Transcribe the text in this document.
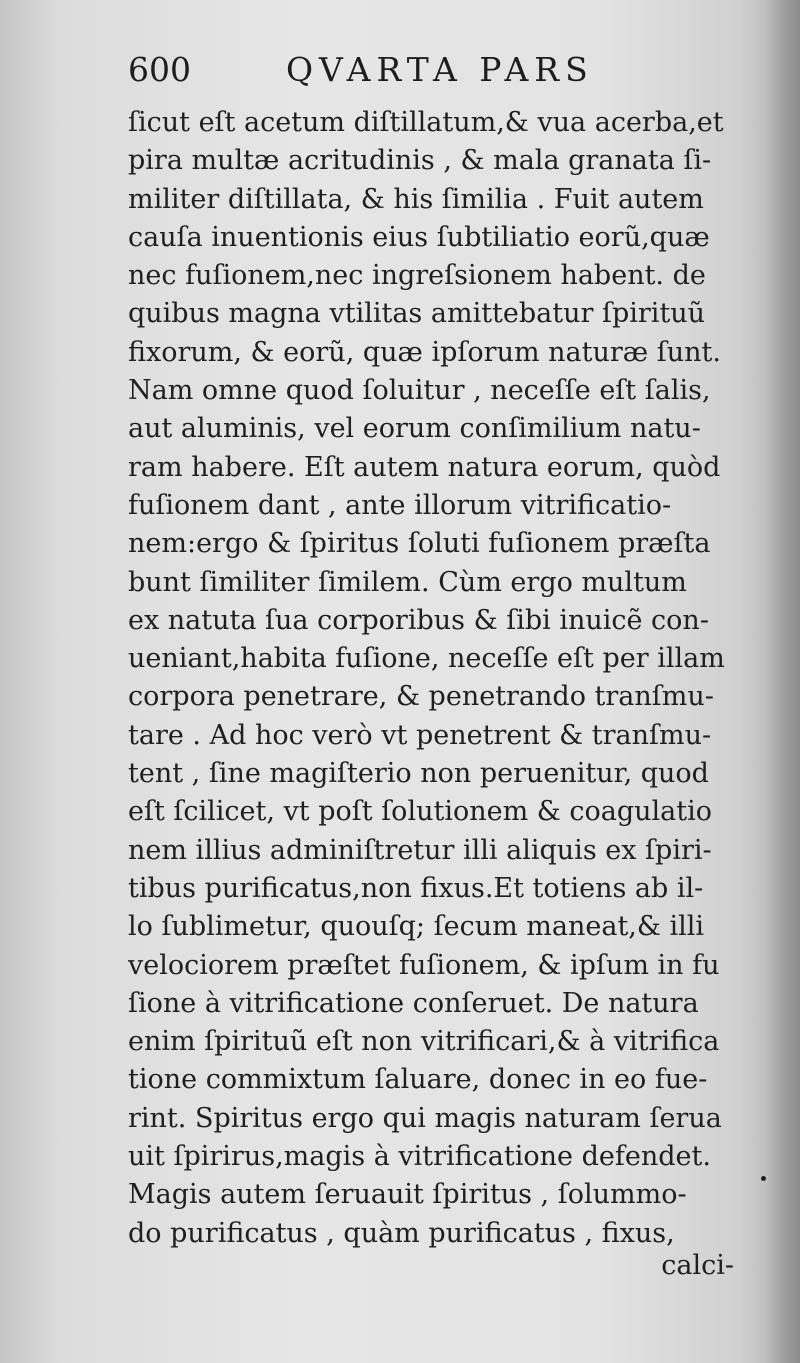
600	QVARTA PARS
ſicut eſt acetum diſtillatum,& vua acerba,et
pira multæ acritudinis , & mala granata ſi-
militer diſtillata, & his ſimilia . Fuit autem
cauſa inuentionis eius ſubtiliatio eorũ,quæ
nec fuſionem,nec ingreſsionem habent. de
quibus magna vtilitas amittebatur ſpirituũ
fixorum, & eorũ, quæ ipſorum naturæ ſunt.
Nam omne quod ſoluitur , neceſſe eſt ſalis,
aut aluminis, vel eorum conſimilium natu-
ram habere. Eſt autem natura eorum, quòd
fuſionem dant , ante illorum vitrificatio-
nem:ergo & ſpiritus ſoluti fuſionem præſta
bunt ſimiliter ſimilem. Cùm ergo multum
ex natuta ſua corporibus & ſibi inuicẽ con-
ueniant,habita fuſione, neceſſe eſt per illam
corpora penetrare, & penetrando tranſmu-
tare . Ad hoc verò vt penetrent & tranſmu-
tent , ſine magiſterio non peruenitur, quod
eſt ſcilicet, vt poſt ſolutionem & coagulatio
nem illius adminiſtretur illi aliquis ex ſpiri-
tibus purificatus,non fixus.Et totiens ab il-
lo ſublimetur, quouſq; ſecum maneat,& illi
velociorem præſtet fuſionem, & ipſum in fu
ſione à vitrificatione conſeruet. De natura
enim ſpirituũ eſt non vitrificari,& à vitrifica
tione commixtum ſaluare, donec in eo fue-
rint. Spiritus ergo qui magis naturam ſerua
uit ſpirirus,magis à vitrificatione defendet.
Magis autem ſeruauit ſpiritus , ſolummo-
do purificatus , quàm purificatus , fixus,
calci-
